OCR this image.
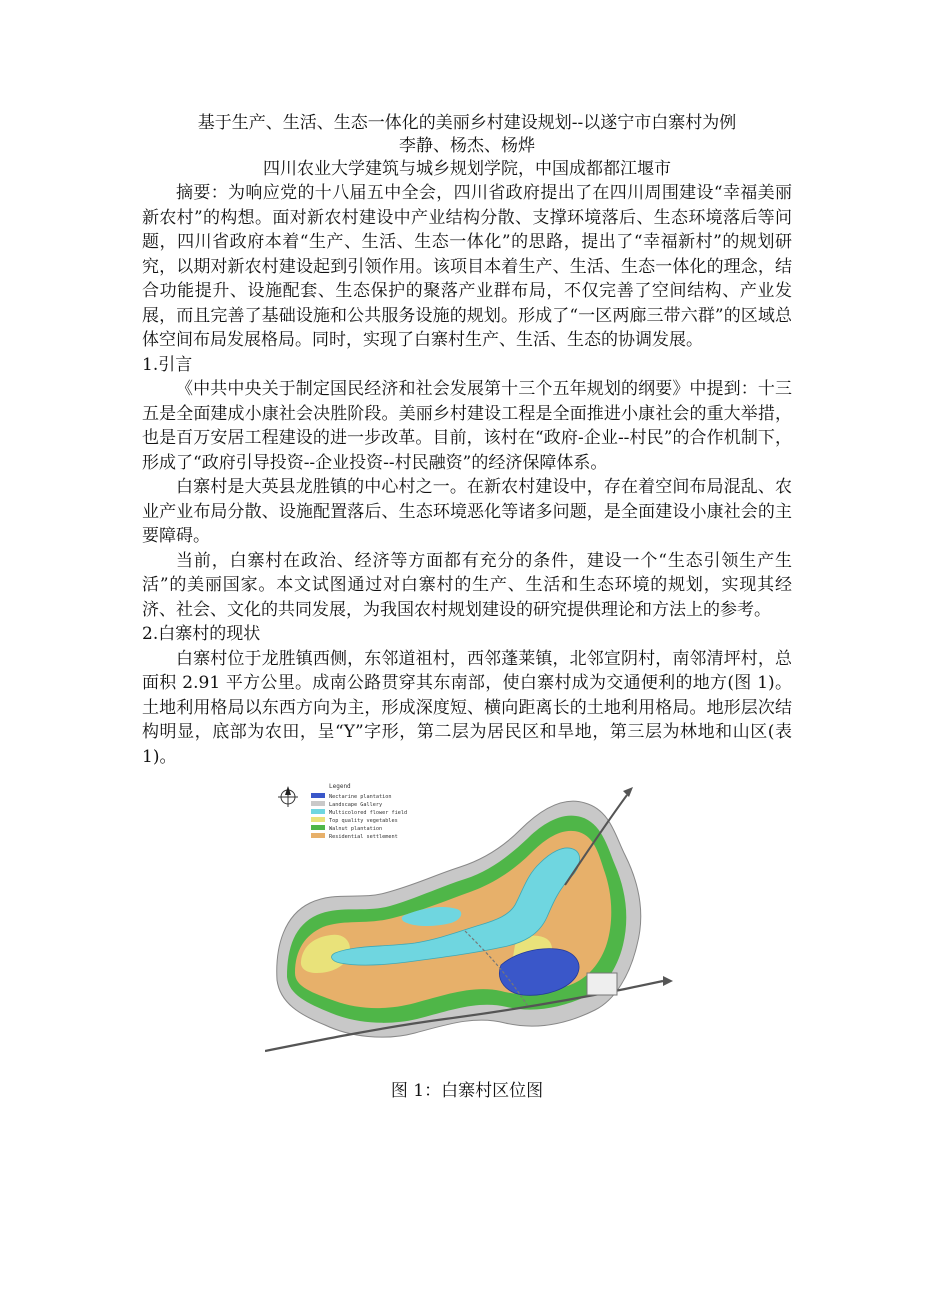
基于生产、生活、生态一体化的美丽乡村建设规划--以遂宁市白寨村为例
李静、杨杰、杨烨
四川农业大学建筑与城乡规划学院，中国成都都江堰市

摘要：为响应党的十八届五中全会，四川省政府提出了在四川周围建设“幸福美丽新农村”的构想。面对新农村建设中产业结构分散、支撑环境落后、生态环境落后等问题，四川省政府本着“生产、生活、生态一体化”的思路，提出了“幸福新村”的规划研究，以期对新农村建设起到引领作用。该项目本着生产、生活、生态一体化的理念，结合功能提升、设施配套、生态保护的聚落产业群布局，不仅完善了空间结构、产业发展，而且完善了基础设施和公共服务设施的规划。形成了“一区两廊三带六群”的区域总体空间布局发展格局。同时，实现了白寨村生产、生活、生态的协调发展。

1.引言

《中共中央关于制定国民经济和社会发展第十三个五年规划的纲要》中提到：十三五是全面建成小康社会决胜阶段。美丽乡村建设工程是全面推进小康社会的重大举措，也是百万安居工程建设的进一步改革。目前，该村在“政府-企业--村民”的合作机制下，形成了“政府引导投资--企业投资--村民融资”的经济保障体系。

白寨村是大英县龙胜镇的中心村之一。在新农村建设中，存在着空间布局混乱、农业产业布局分散、设施配置落后、生态环境恶化等诸多问题，是全面建设小康社会的主要障碍。

当前，白寨村在政治、经济等方面都有充分的条件，建设一个“生态引领生产生活”的美丽国家。本文试图通过对白寨村的生产、生活和生态环境的规划，实现其经济、社会、文化的共同发展，为我国农村规划建设的研究提供理论和方法上的参考。

2.白寨村的现状

白寨村位于龙胜镇西侧，东邻道祖村，西邻蓬莱镇，北邻宣阴村，南邻清坪村，总面积 2.91 平方公里。成南公路贯穿其东南部，使白寨村成为交通便利的地方(图 1)。土地利用格局以东西方向为主，形成深度短、横向距离长的土地利用格局。地形层次结构明显，底部为农田，呈“Y”字形，第二层为居民区和旱地，第三层为林地和山区(表 1)。

Legend
Nectarine plantation
Landscape Gallery
Multicolored flower field
Top quality vegetables
Walnut plantation
Residential settlement
图 1：白寨村区位图
